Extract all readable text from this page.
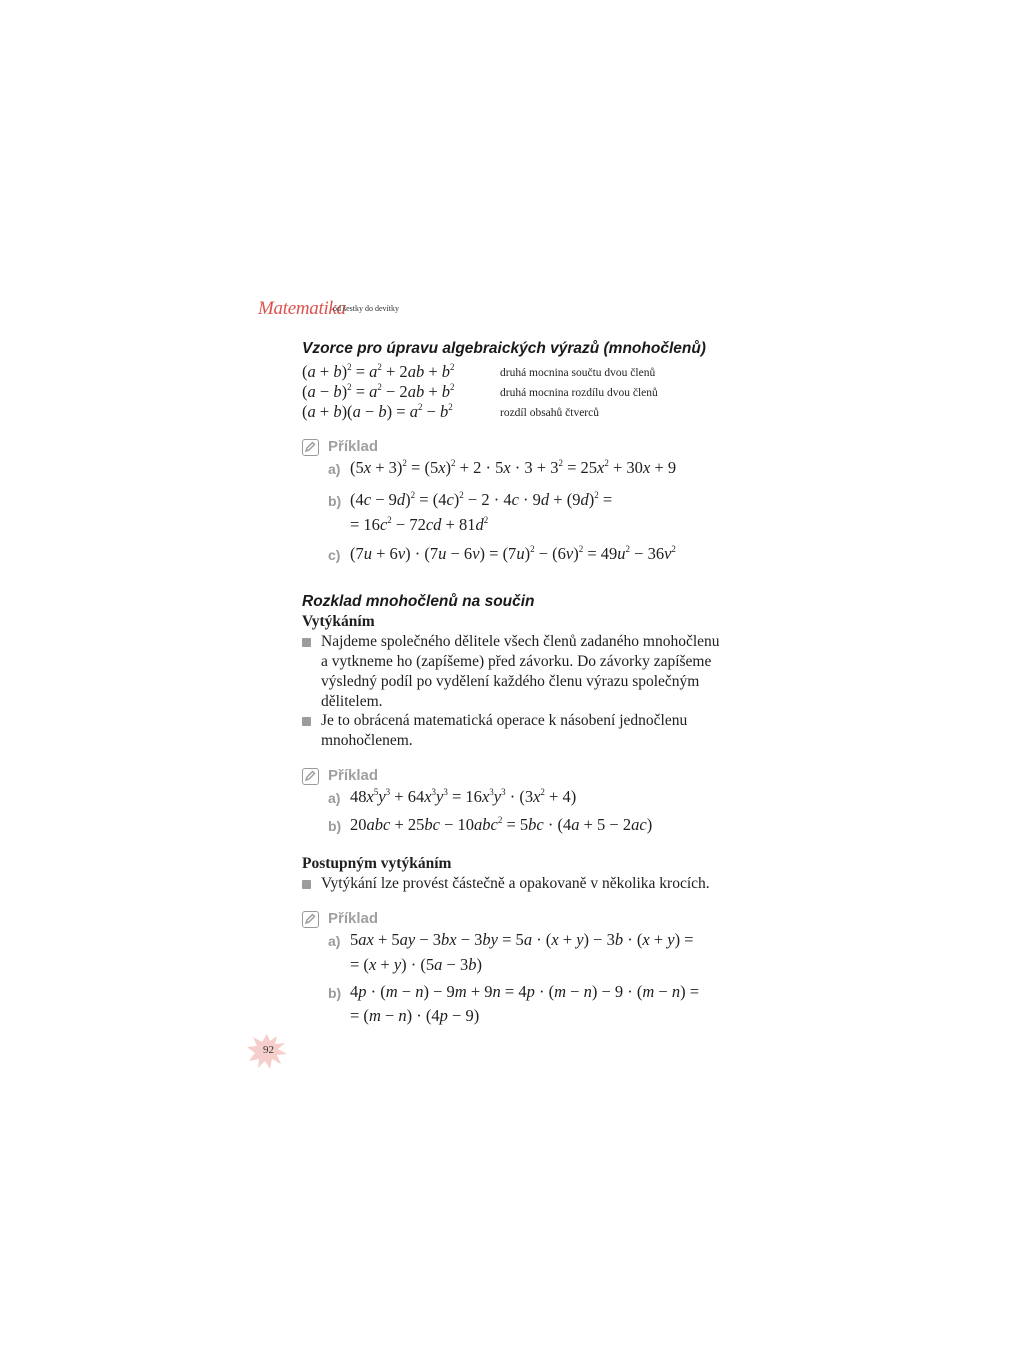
Matematika
od šestky do devítky
Vzorce pro úpravu algebraických výrazů (mnohočlenů)
$(a + b)^2 = a^2 + 2ab + b^2$	druhá mocnina součtu dvou členů
$(a - b)^2 = a^2 - 2ab + b^2$	druhá mocnina rozdílu dvou členů
$(a + b)(a - b) = a^2 - b^2$	rozdíl obsahů čtverců
Příklad
a) $(5x + 3)^2 = (5x)^2 + 2 \cdot 5x \cdot 3 + 3^2 = 25x^2 + 30x + 9$
b) $(4c - 9d)^2 = (4c)^2 - 2 \cdot 4c \cdot 9d + (9d)^2$ =
= $16c^2 - 72cd + 81d^2$
c) $(7u + 6v) \cdot (7u - 6v) = (7u)^2 - (6v)^2 = 49u^2 - 36v^2$
Rozklad mnohočlenů na součin
Vytýkáním
Najdeme společného dělitele všech členů zadaného mnohočlenu
a vytkneme ho (zapíšeme) před závorku. Do závorky zapíšeme
výsledný podíl po vydělení každého členu výrazu společným
dělitelem.
Je to obrácená matematická operace k násobení jednočlenu
mnohočlenem.
Příklad
a) $48x^5y^3 + 64x^3y^3 = 16x^3y^3 \cdot (3x^2 + 4)$
b) 20abc + 25bc − 10abc$^2$ = 5bc · (4a + 5 − 2ac)
Postupným vytýkáním
Vytýkání lze provést částečně a opakovaně v několika krocích.
Příklad
a) 5ax + 5ay − 3bx − 3by = 5a · (x + y) − 3b · (x + y) =
= (x + y) · (5a − 3b)
b) 4p · (m − n) − 9m + 9n = 4p · (m − n) − 9 · (m − n) =
= (m − n) · (4p − 9)
92
